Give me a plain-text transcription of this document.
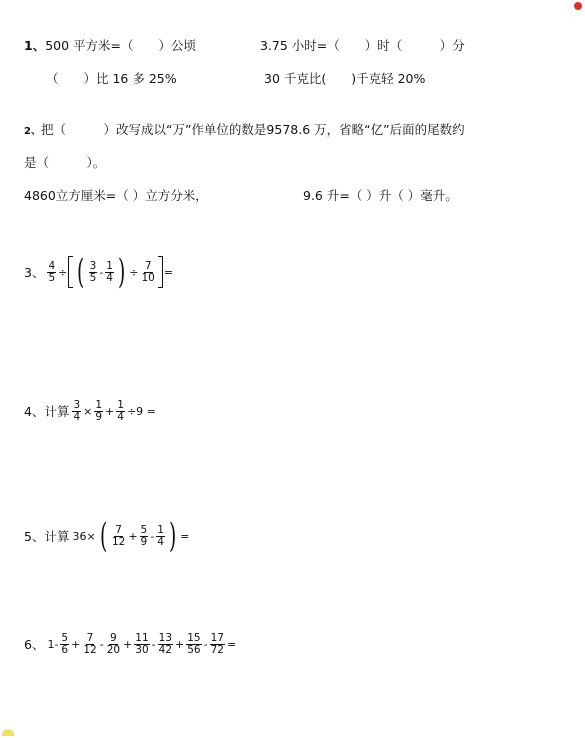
1、500 平方米=（　　）公顷	3.75 小时=（　　）时（　　　）分
（　　）比 16 多 25%	30 千克比(　　)千克轻 20%
2、把（　　　）改写成以“万”作单位的数是9578.6 万，省略“亿”后面的尾数约
是（　　　）。
4860立方厘米=（ ）立方分米，	9.6 升=（ ）升（ ）毫升。
3、 $\frac{4}{5}$ ÷ ( $\frac{3}{5} - \frac{1}{4}$ ) ÷ $\frac{7}{10}$ =
4、计算 $\frac{3}{4} \times \frac{1}{9} + \frac{1}{4} \div 9$ =
5、计算 36× ( $\frac{7}{12} + \frac{5}{9} - \frac{1}{4}$ ) =
6、 $1- \frac{5}{6} + \frac{7}{12} - \frac{9}{20} + \frac{11}{30} - \frac{13}{42} + \frac{15}{56} - \frac{17}{72}$ =
